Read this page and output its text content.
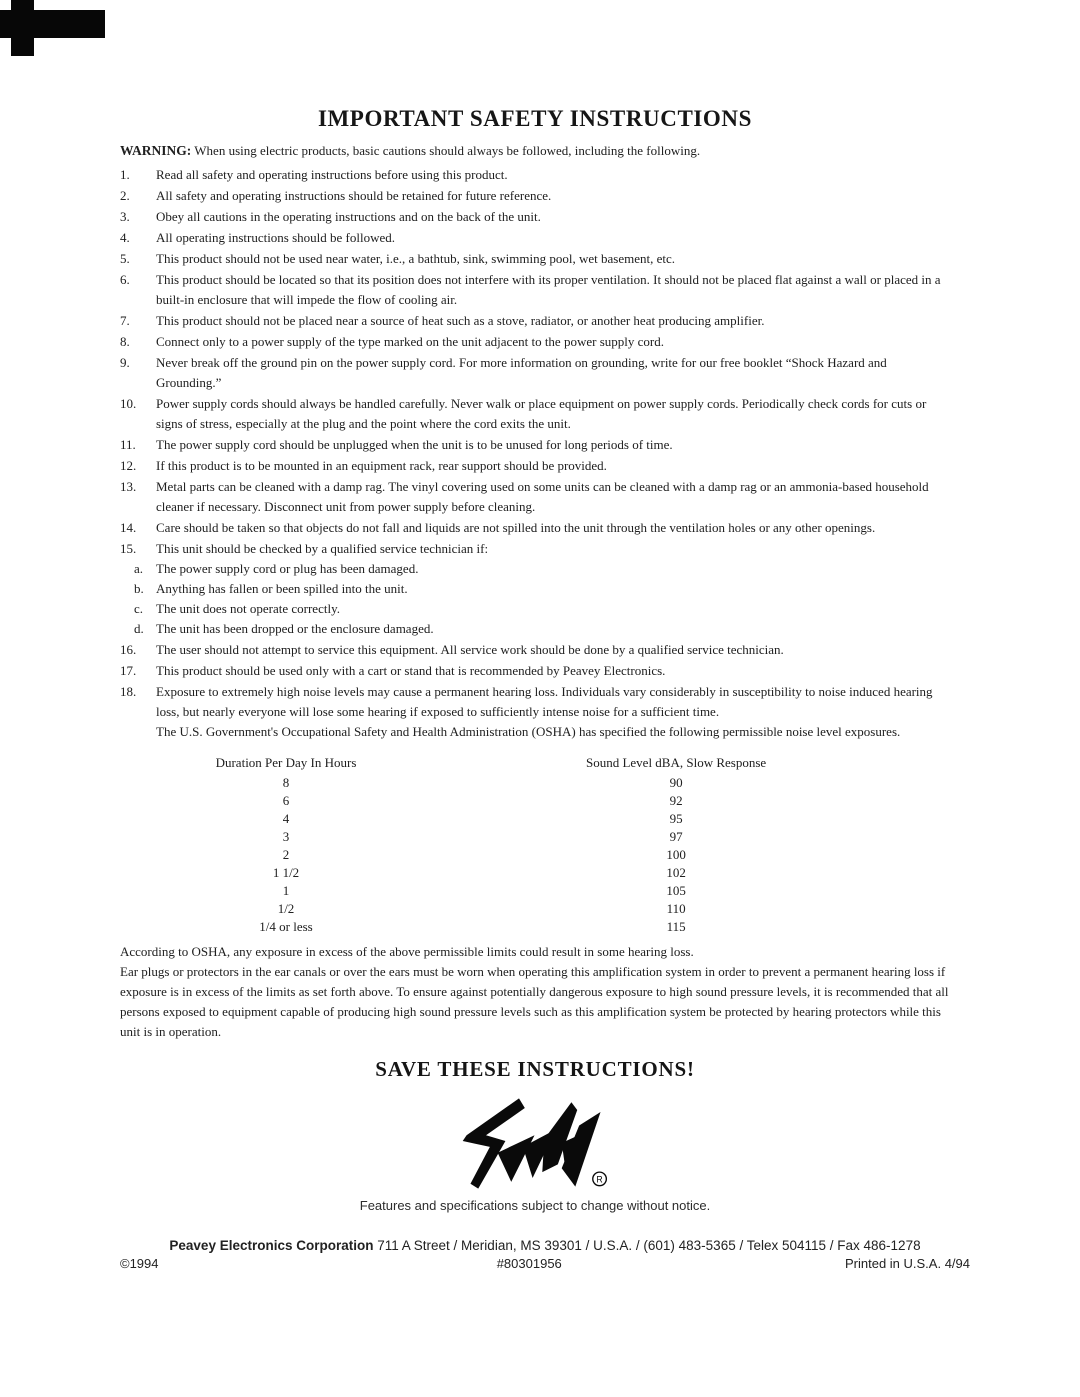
IMPORTANT SAFETY INSTRUCTIONS

WARNING: When using electric products, basic cautions should always be followed, including the following.

1.	Read all safety and operating instructions before using this product.
2.	All safety and operating instructions should be retained for future reference.
3.	Obey all cautions in the operating instructions and on the back of the unit.
4.	All operating instructions should be followed.
5.	This product should not be used near water, i.e., a bathtub, sink, swimming pool, wet basement, etc.
6.	This product should be located so that its position does not interfere with its proper ventilation. It should not be placed flat against a wall or placed in a built-in enclosure that will impede the flow of cooling air.
7.	This product should not be placed near a source of heat such as a stove, radiator, or another heat producing amplifier.
8.	Connect only to a power supply of the type marked on the unit adjacent to the power supply cord.
9.	Never break off the ground pin on the power supply cord. For more information on grounding, write for our free booklet “Shock Hazard and Grounding.”
10.	Power supply cords should always be handled carefully. Never walk or place equipment on power supply cords. Periodically check cords for cuts or signs of stress, especially at the plug and the point where the cord exits the unit.
11.	The power supply cord should be unplugged when the unit is to be unused for long periods of time.
12.	If this product is to be mounted in an equipment rack, rear support should be provided.
13.	Metal parts can be cleaned with a damp rag. The vinyl covering used on some units can be cleaned with a damp rag or an ammonia-based household cleaner if necessary. Disconnect unit from power supply before cleaning.
14.	Care should be taken so that objects do not fall and liquids are not spilled into the unit through the ventilation holes or any other openings.
15.	This unit should be checked by a qualified service technician if:
a. The power supply cord or plug has been damaged.
b. Anything has fallen or been spilled into the unit.
c. The unit does not operate correctly.
d. The unit has been dropped or the enclosure damaged.
16.	The user should not attempt to service this equipment. All service work should be done by a qualified service technician.
17.	This product should be used only with a cart or stand that is recommended by Peavey Electronics.
18.	Exposure to extremely high noise levels may cause a permanent hearing loss. Individuals vary considerably in susceptibility to noise induced hearing loss, but nearly everyone will lose some hearing if exposed to sufficiently intense noise for a sufficient time.
The U.S. Government's Occupational Safety and Health Administration (OSHA) has specified the following permissible noise level exposures.
Duration Per Day In Hours	Sound Level dBA, Slow Response
8	90
6	92
4	95
3	97
2	100
1 1/2	102
1	105
1/2	110
1/4 or less	115

According to OSHA, any exposure in excess of the above permissible limits could result in some hearing loss.

Ear plugs or protectors in the ear canals or over the ears must be worn when operating this amplification system in order to prevent a permanent hearing loss if exposure is in excess of the limits as set forth above. To ensure against potentially dangerous exposure to high sound pressure levels, it is recommended that all persons exposed to equipment capable of producing high sound pressure levels such as this amplification system be protected by hearing protectors while this unit is in operation.

SAVE THESE INSTRUCTIONS!
R

Features and specifications subject to change without notice.

Peavey Electronics Corporation 711 A Street / Meridian, MS 39301 / U.S.A. / (601) 483-5365 / Telex 504115 / Fax 486-1278

©1994	#80301956	Printed in U.S.A. 4/94
